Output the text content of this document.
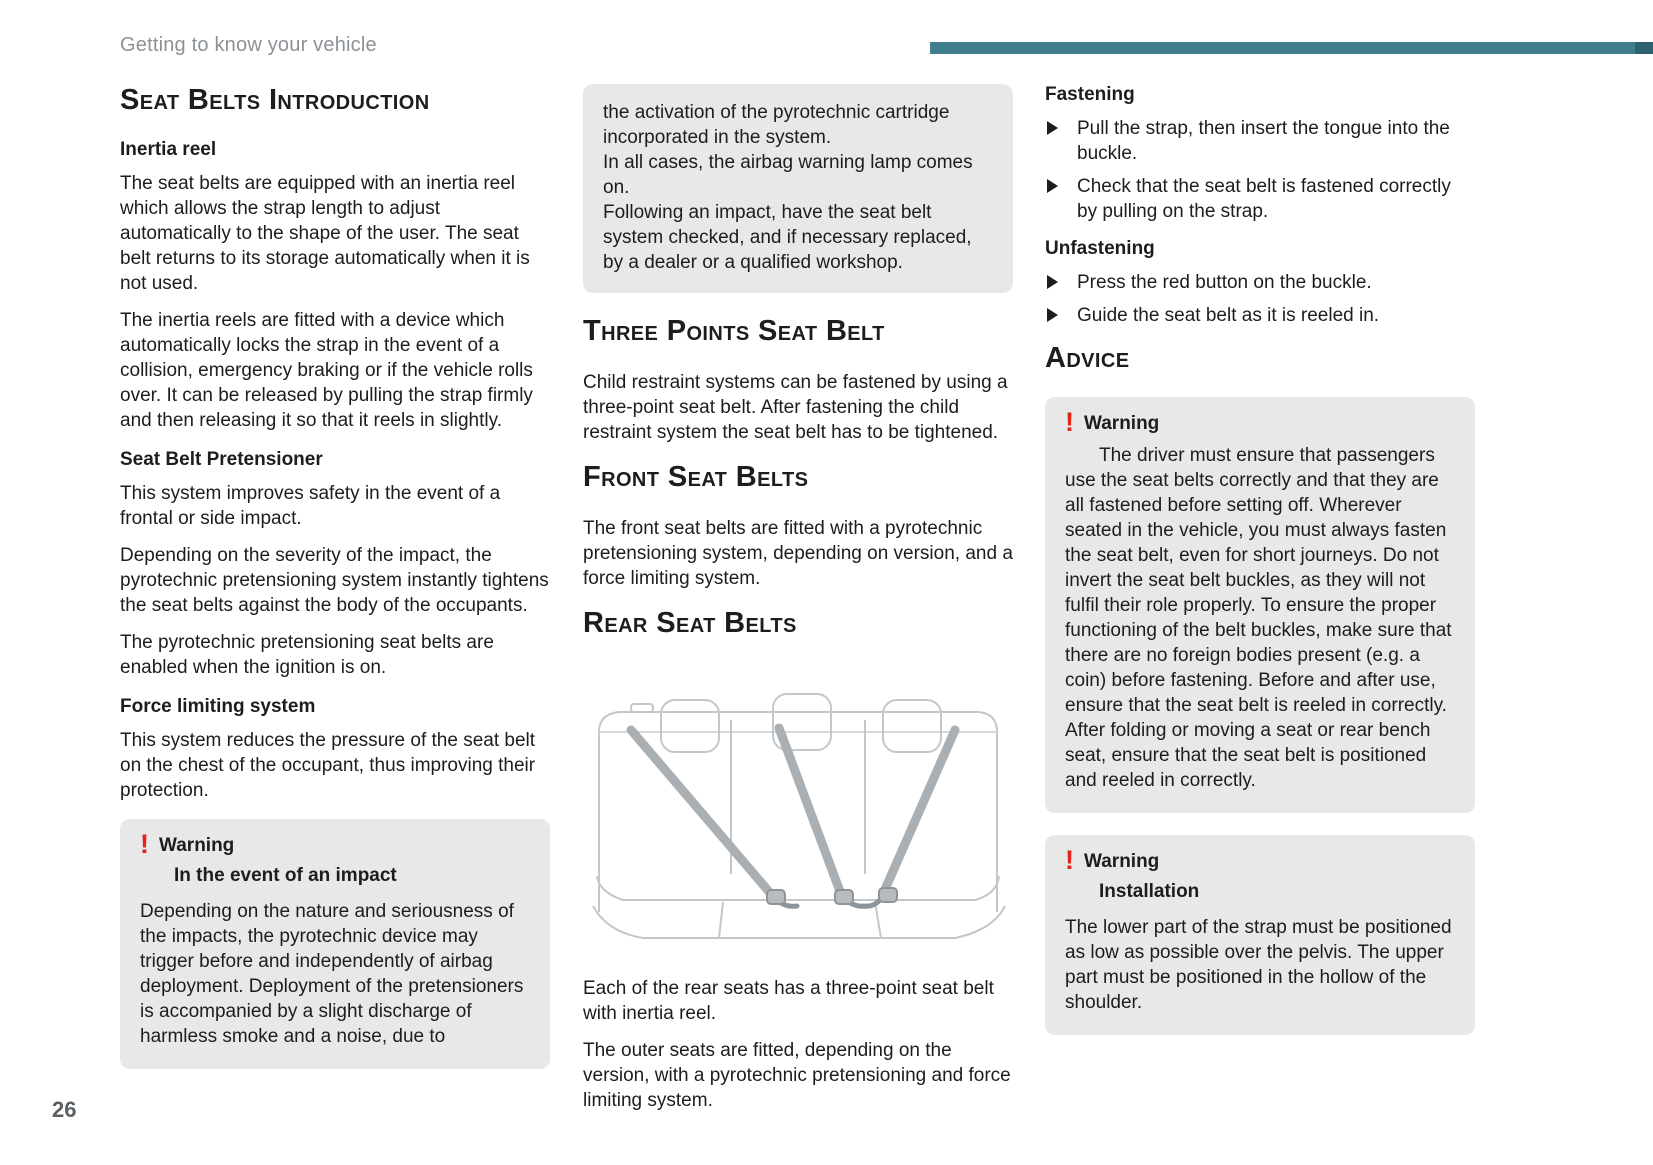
Getting to know your vehicle
Seat Belts Introduction
Inertia reel

The seat belts are equipped with an inertia reel which allows the strap length to adjust automatically to the shape of the user. The seat belt returns to its storage automatically when it is not used.

The inertia reels are fitted with a device which automatically locks the strap in the event of a collision, emergency braking or if the vehicle rolls over. It can be released by pulling the strap firmly and then releasing it so that it reels in slightly.

Seat Belt Pretensioner

This system improves safety in the event of a frontal or side impact.

Depending on the severity of the impact, the pyrotechnic pretensioning system instantly tightens the seat belts against the body of the occupants.

The pyrotechnic pretensioning seat belts are enabled when the ignition is on.

Force limiting system

This system reduces the pressure of the seat belt on the chest of the occupant, thus improving their protection.

! Warning
In the event of an impact

Depending on the nature and seriousness of the impacts, the pyrotechnic device may trigger before and independently of airbag deployment. Deployment of the pretensioners is accompanied by a slight discharge of harmless smoke and a noise, due to

the activation of the pyrotechnic cartridge incorporated in the system.

In all cases, the airbag warning lamp comes on.

Following an impact, have the seat belt system checked, and if necessary replaced, by a dealer or a qualified workshop.

Three Points Seat Belt

Child restraint systems can be fastened by using a three-point seat belt. After fastening the child restraint system the seat belt has to be tightened.

Front Seat Belts

The front seat belts are fitted with a pyrotechnic pretensioning system, depending on version, and a force limiting system.

Rear Seat Belts

Each of the rear seats has a three-point seat belt with inertia reel.

The outer seats are fitted, depending on the version, with a pyrotechnic pretensioning and force limiting system.

Fastening
Pull the strap, then insert the tongue into the buckle.
Check that the seat belt is fastened correctly by pulling on the strap.
Unfastening
Press the red button on the buckle.
Guide the seat belt as it is reeled in.
Advice
! Warning

The driver must ensure that passengers
use the seat belts correctly and that they are all fastened before setting off. Wherever seated in the vehicle, you must always fasten the seat belt, even for short journeys. Do not invert the seat belt buckles, as they will not fulfil their role properly. To ensure the proper functioning of the belt buckles, make sure that there are no foreign bodies present (e.g. a coin) before fastening. Before and after use, ensure that the seat belt is reeled in correctly. After folding or moving a seat or rear bench seat, ensure that the seat belt is positioned and reeled in correctly.

! Warning
Installation

The lower part of the strap must be positioned as low as possible over the pelvis. The upper part must be positioned in the hollow of the shoulder.

26
